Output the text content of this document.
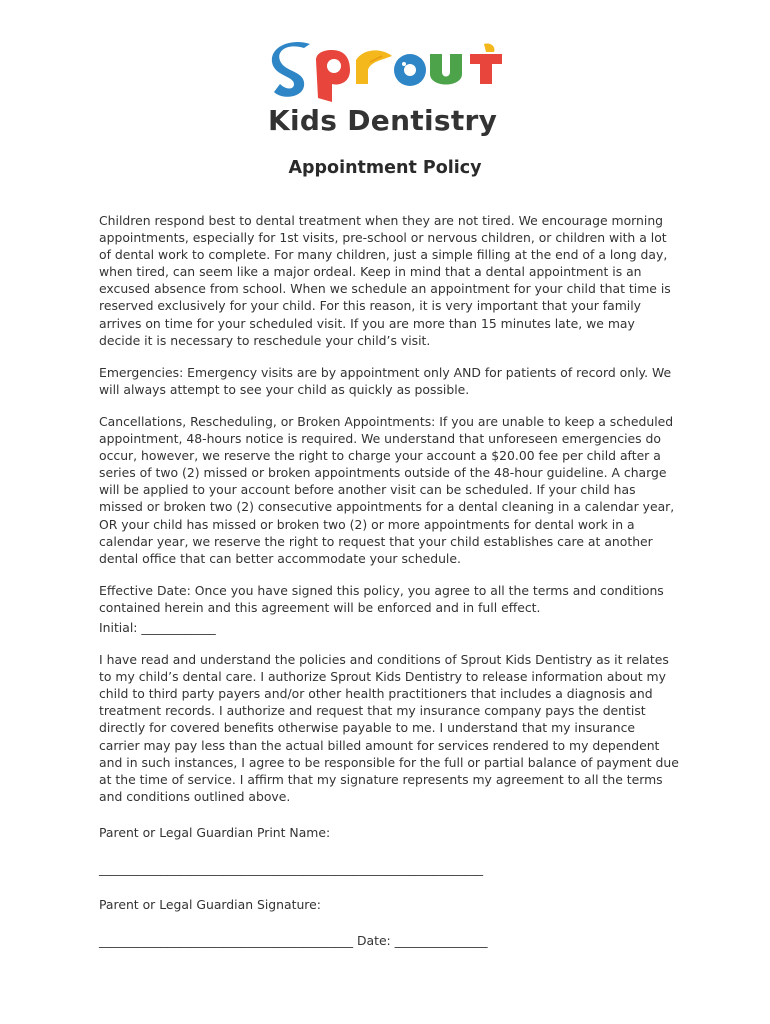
Kids Dentistry
Appointment Policy

Children respond best to dental treatment when they are not tired. We encourage morning appointments, especially for 1st visits, pre-school or nervous children, or children with a lot of dental work to complete. For many children, just a simple filling at the end of a long day, when tired, can seem like a major ordeal. Keep in mind that a dental appointment is an excused absence from school. When we schedule an appointment for your child that time is reserved exclusively for your child. For this reason, it is very important that your family arrives on time for your scheduled visit. If you are more than 15 minutes late, we may decide it is necessary to reschedule your child’s visit.

Emergencies: Emergency visits are by appointment only AND for patients of record only. We will always attempt to see your child as quickly as possible.

Cancellations, Rescheduling, or Broken Appointments: If you are unable to keep a scheduled appointment, 48-hours notice is required. We understand that unforeseen emergencies do occur, however, we reserve the right to charge your account a $20.00 fee per child after a series of two (2) missed or broken appointments outside of the 48-hour guideline. A charge will be applied to your account before another visit can be scheduled. If your child has missed or broken two (2) consecutive appointments for a dental cleaning in a calendar year, OR your child has missed or broken two (2) or more appointments for dental work in a calendar year, we reserve the right to request that your child establishes care at another dental office that can better accommodate your schedule.

Effective Date: Once you have signed this policy, you agree to all the terms and conditions contained herein and this agreement will be enforced and in full effect.

Initial: ____________

I have read and understand the policies and conditions of Sprout Kids Dentistry as it relates to my child’s dental care. I authorize Sprout Kids Dentistry to release information about my child to third party payers and/or other health practitioners that includes a diagnosis and treatment records. I authorize and request that my insurance company pays the dentist directly for covered benefits otherwise payable to me. I understand that my insurance carrier may pay less than the actual billed amount for services rendered to my dependent and in such instances, I agree to be responsible for the full or partial balance of payment due at the time of service. I affirm that my signature represents my agreement to all the terms and conditions outlined above.

Parent or Legal Guardian Print Name:

______________________________________________________________

Parent or Legal Guardian Signature:

_________________________________________ Date: _______________
